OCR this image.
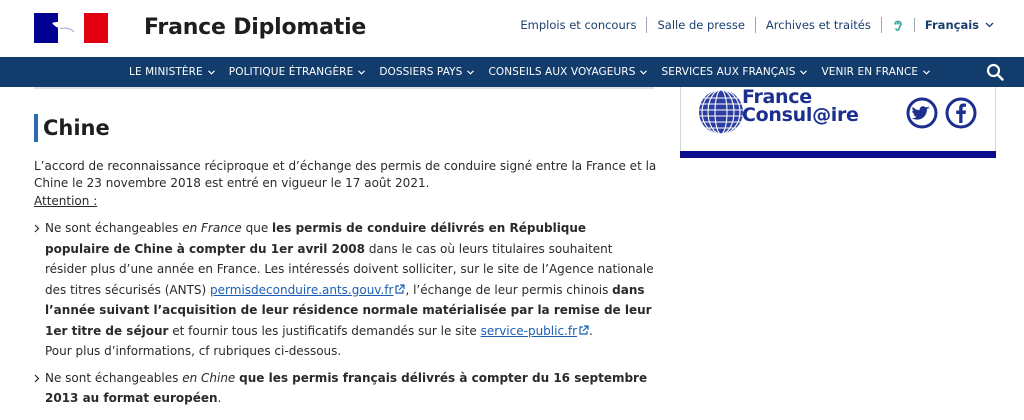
France Diplomatie	Emplois et concours	Salle de presse	Archives et traités	Français
LE MINISTÈRE POLITIQUE ÉTRANGÈRE DOSSIERS PAYS CONSEILS AUX VOYAGEURS SERVICES AUX FRANÇAIS VENIR EN FRANCE
Chine
L’accord de reconnaissance réciproque et d’échange des permis de conduire signé entre la France et la Chine le 23 novembre 2018 est entré en vigueur le 17 août 2021.
Attention :
Ne sont échangeables en France que les permis de conduire délivrés en République populaire de Chine à compter du 1er avril 2008 dans le cas où leurs titulaires souhaitent résider plus d’une année en France. Les intéressés doivent solliciter, sur le site de l’Agence nationale des titres sécurisés (ANTS) permisdeconduire.ants.gouv.fr , l’échange de leur permis chinois dans l’année suivant l’acquisition de leur résidence normale matérialisée par la remise de leur 1er titre de séjour et fournir tous les justificatifs demandés sur le site service-public.fr .
Pour plus d’informations, cf rubriques ci-dessous.
Ne sont échangeables en Chine que les permis français délivrés à compter du 16 septembre 2013 au format européen.
France
Consul@ire
